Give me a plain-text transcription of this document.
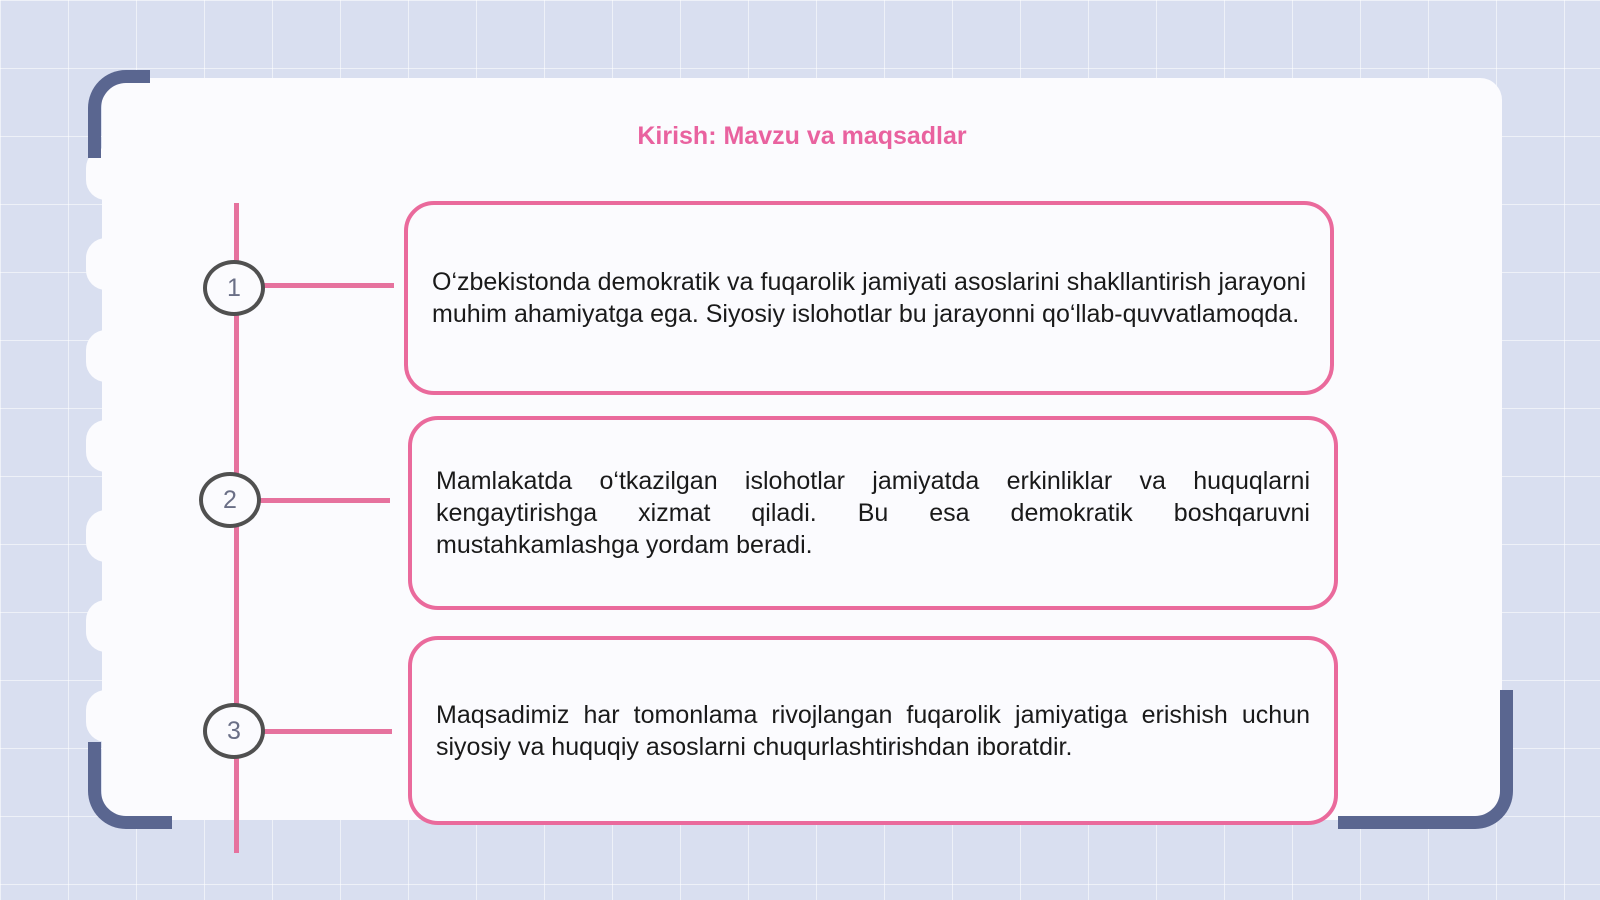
Kirish: Mavzu va maqsadlar
1
2
3
O‘zbekistonda demokratik va fuqarolik jamiyati asoslarini shakllantirish jarayoni muhim ahamiyatga ega. Siyosiy islohotlar bu jarayonni qo‘llab-quvvatlamoqda.
Mamlakatda o‘tkazilgan islohotlar jamiyatda erkinliklar va huquqlarni kengaytirishga xizmat qiladi. Bu esa demokratik boshqaruvni mustahkamlashga yordam beradi.
Maqsadimiz har tomonlama rivojlangan fuqarolik jamiyatiga erishish uchun siyosiy va huquqiy asoslarni chuqurlashtirishdan iboratdir.
